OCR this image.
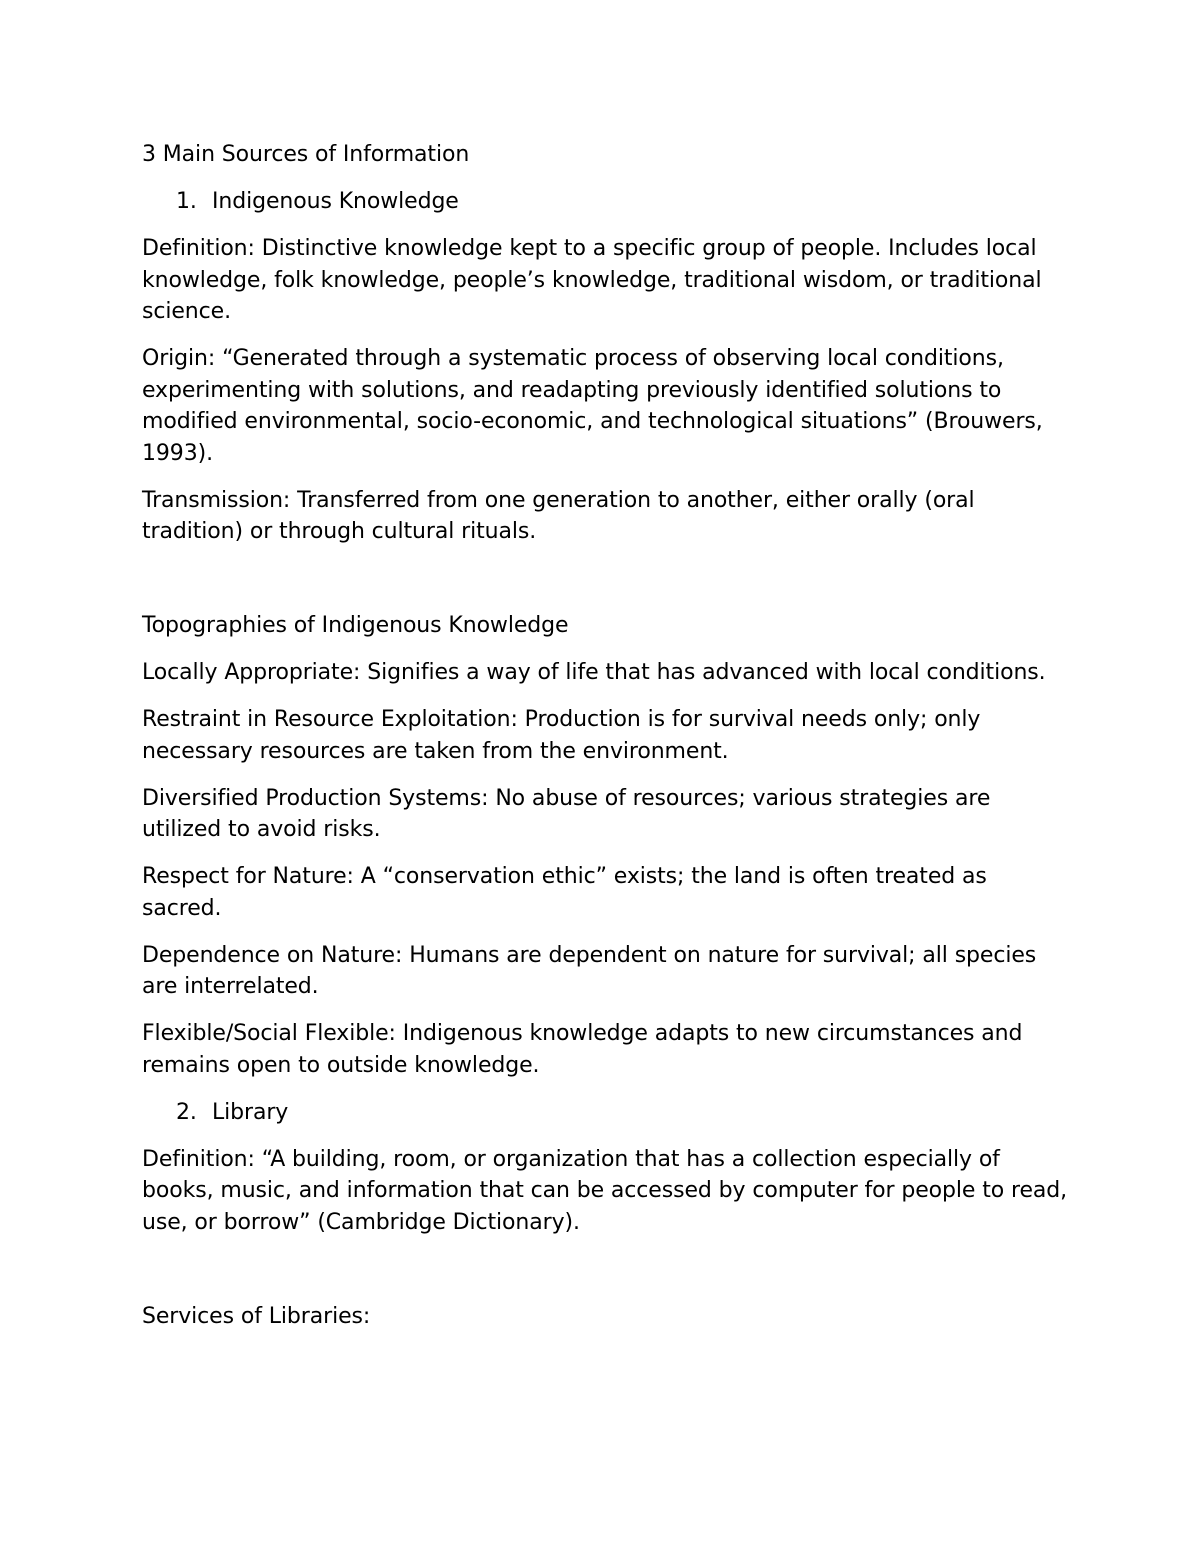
3 Main Sources of Information

1. Indigenous Knowledge

Definition: Distinctive knowledge kept to a specific group of people. Includes local knowledge, folk knowledge, people’s knowledge, traditional wisdom, or traditional science.

Origin: “Generated through a systematic process of observing local conditions, experimenting with solutions, and readapting previously identified solutions to modified environmental, socio-economic, and technological situations” (Brouwers, 1993).

Transmission: Transferred from one generation to another, either orally (oral tradition) or through cultural rituals.

Topographies of Indigenous Knowledge

Locally Appropriate: Signifies a way of life that has advanced with local conditions.

Restraint in Resource Exploitation: Production is for survival needs only; only necessary resources are taken from the environment.

Diversified Production Systems: No abuse of resources; various strategies are utilized to avoid risks.

Respect for Nature: A “conservation ethic” exists; the land is often treated as sacred.

Dependence on Nature: Humans are dependent on nature for survival; all species are interrelated.

Flexible/Social Flexible: Indigenous knowledge adapts to new circumstances and remains open to outside knowledge.

2. Library

Definition: “A building, room, or organization that has a collection especially of books, music, and information that can be accessed by computer for people to read, use, or borrow” (Cambridge Dictionary).

Services of Libraries:
